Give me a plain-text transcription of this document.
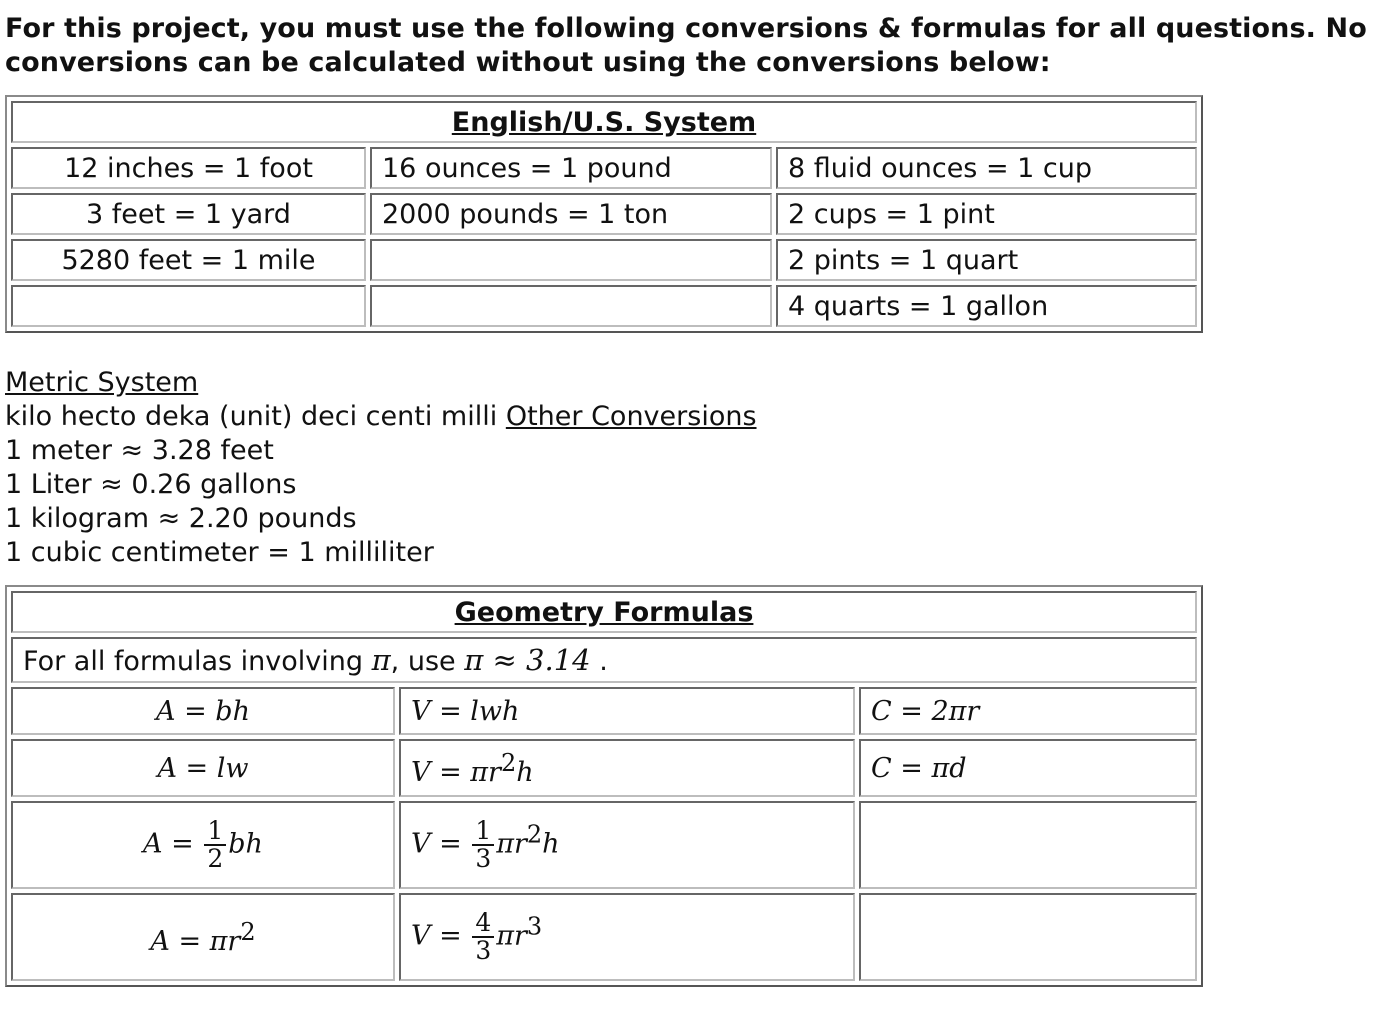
For this project, you must use the following conversions & formulas for all questions. No
conversions can be calculated without using the conversions below:
English/U.S. System		
12 inches = 1 foot	16 ounces = 1 pound	8 fluid ounces = 1 cup
3 feet = 1 yard	2000 pounds = 1 ton	2 cups = 1 pint
5280 feet = 1 mile		2 pints = 1 quart
		4 quarts = 1 gallon
Metric System
kilo hecto deka (unit) deci centi milli Other Conversions
1 meter ≈ 3.28 feet
1 Liter ≈ 0.26 gallons
1 kilogram ≈ 2.20 pounds
1 cubic centimeter = 1 milliliter
Geometry Formulas		
For all formulas involving π, use π ≈ 3.14 .		
A = bh	V = lwh	C = 2πr
A = lw	$V = \pi r^2h$	C = πd
$A = \frac{1}{2}$ bh	$V = \frac{1}{3} \pi r^2h$	
$A = \pi r^2$	$V = \frac{4}{3} \pi r^3$	
